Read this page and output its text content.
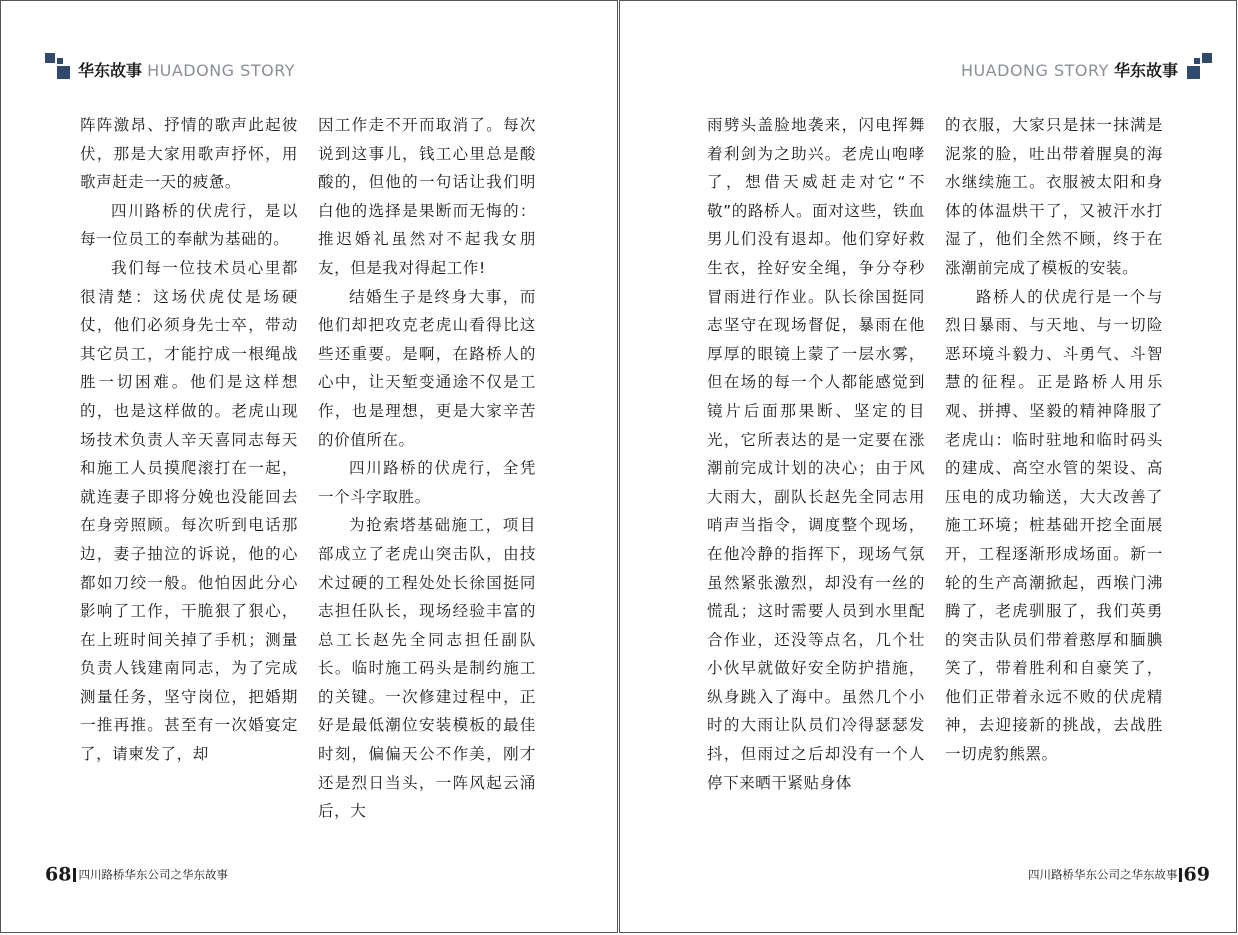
华东故事 HUADONG STORY

阵阵激昂、抒情的歌声此起彼伏，那是大家用歌声抒怀，用歌声赶走一天的疲惫。

四川路桥的伏虎行，是以每一位员工的奉献为基础的。

我们每一位技术员心里都很清楚：这场伏虎仗是场硬仗，他们必须身先士卒，带动其它员工，才能拧成一根绳战胜一切困难。他们是这样想的，也是这样做的。老虎山现场技术负责人辛天喜同志每天和施工人员摸爬滚打在一起，就连妻子即将分娩也没能回去在身旁照顾。每次听到电话那边，妻子抽泣的诉说，他的心都如刀绞一般。他怕因此分心影响了工作，干脆狠了狠心，在上班时间关掉了手机；测量负责人钱建南同志，为了完成测量任务，坚守岗位，把婚期一推再推。甚至有一次婚宴定了，请柬发了，却

因工作走不开而取消了。每次说到这事儿，钱工心里总是酸酸的，但他的一句话让我们明白他的选择是果断而无悔的：推迟婚礼虽然对不起我女朋友，但是我对得起工作!

结婚生子是终身大事，而他们却把攻克老虎山看得比这些还重要。是啊，在路桥人的心中，让天堑变通途不仅是工作，也是理想，更是大家辛苦的价值所在。

四川路桥的伏虎行，全凭一个斗字取胜。

为抢索塔基础施工，项目部成立了老虎山突击队，由技术过硬的工程处处长徐国挺同志担任队长，现场经验丰富的总工长赵先全同志担任副队长。临时施工码头是制约施工的关键。一次修建过程中，正好是最低潮位安装模板的最佳时刻，偏偏天公不作美，刚才还是烈日当头，一阵风起云涌后，大

68 四川路桥华东公司之华东故事
HUADONG STORY 华东故事

雨劈头盖脸地袭来，闪电挥舞着利剑为之助兴。老虎山咆哮了，想借天威赶走对它“不敬”的路桥人。面对这些，铁血男儿们没有退却。他们穿好救生衣，拴好安全绳，争分夺秒冒雨进行作业。队长徐国挺同志坚守在现场督促，暴雨在他厚厚的眼镜上蒙了一层水雾，但在场的每一个人都能感觉到镜片后面那果断、坚定的目光，它所表达的是一定要在涨潮前完成计划的决心；由于风大雨大，副队长赵先全同志用哨声当指令，调度整个现场，在他冷静的指挥下，现场气氛虽然紧张激烈，却没有一丝的慌乱；这时需要人员到水里配合作业，还没等点名，几个壮小伙早就做好安全防护措施，纵身跳入了海中。虽然几个小时的大雨让队员们冷得瑟瑟发抖，但雨过之后却没有一个人停下来晒干紧贴身体

的衣服，大家只是抹一抹满是泥浆的脸，吐出带着腥臭的海水继续施工。衣服被太阳和身体的体温烘干了，又被汗水打湿了，他们全然不顾，终于在涨潮前完成了模板的安装。

路桥人的伏虎行是一个与烈日暴雨、与天地、与一切险恶环境斗毅力、斗勇气、斗智慧的征程。正是路桥人用乐观、拼搏、坚毅的精神降服了老虎山：临时驻地和临时码头的建成、高空水管的架设、高压电的成功输送，大大改善了施工环境；桩基础开挖全面展开，工程逐渐形成场面。新一轮的生产高潮掀起，西堠门沸腾了，老虎驯服了，我们英勇的突击队员们带着憨厚和腼腆笑了，带着胜利和自豪笑了，他们正带着永远不败的伏虎精神，去迎接新的挑战，去战胜一切虎豹熊罴。

四川路桥华东公司之华东故事 69
